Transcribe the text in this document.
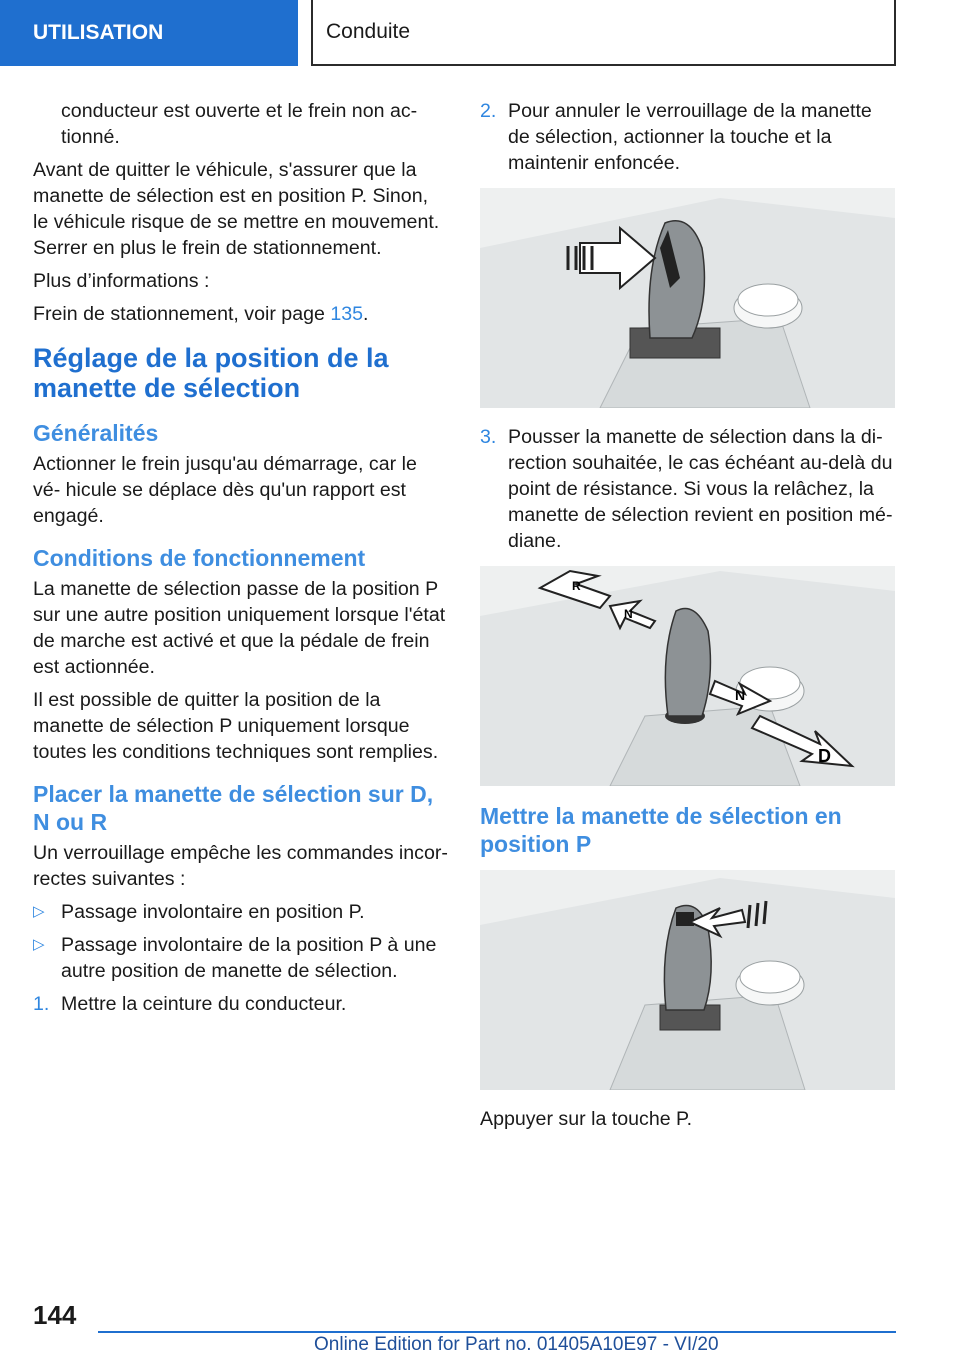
UTILISATION	Conduite

conducteur est ouverte et le frein non ac- tionné.

Avant de quitter le véhicule, s'assurer que la manette de sélection est en position P. Sinon, le véhicule risque de se mettre en mouvement. Serrer en plus le frein de stationnement.

Plus d’informations :

Frein de stationnement, voir page 135.

Réglage de la position de la manette de sélection
Généralités

Actionner le frein jusqu'au démarrage, car le vé- hicule se déplace dès qu'un rapport est engagé.

Conditions de fonctionnement

La manette de sélection passe de la position P sur une autre position uniquement lorsque l'état de marche est activé et que la pédale de frein est actionnée.

Il est possible de quitter la position de la manette de sélection P uniquement lorsque toutes les conditions techniques sont remplies.

Placer la manette de sélection sur D, N ou R

Un verrouillage empêche les commandes incor- rectes suivantes :

▷ Passage involontaire en position P.
▷ Passage involontaire de la position P à une autre position de manette de sélection.
1. Mettre la ceinture du conducteur.
2. Pour annuler le verrouillage de la manette de sélection, actionner la touche et la maintenir enfoncée.
3. Pousser la manette de sélection dans la di- rection souhaitée, le cas échéant au-delà du point de résistance. Si vous la relâchez, la manette de sélection revient en position mé- diane.
R
N
N
D
Mettre la manette de sélection en position P

Appuyer sur la touche P.

144
Online Edition for Part no. 01405A10E97 - VI/20
